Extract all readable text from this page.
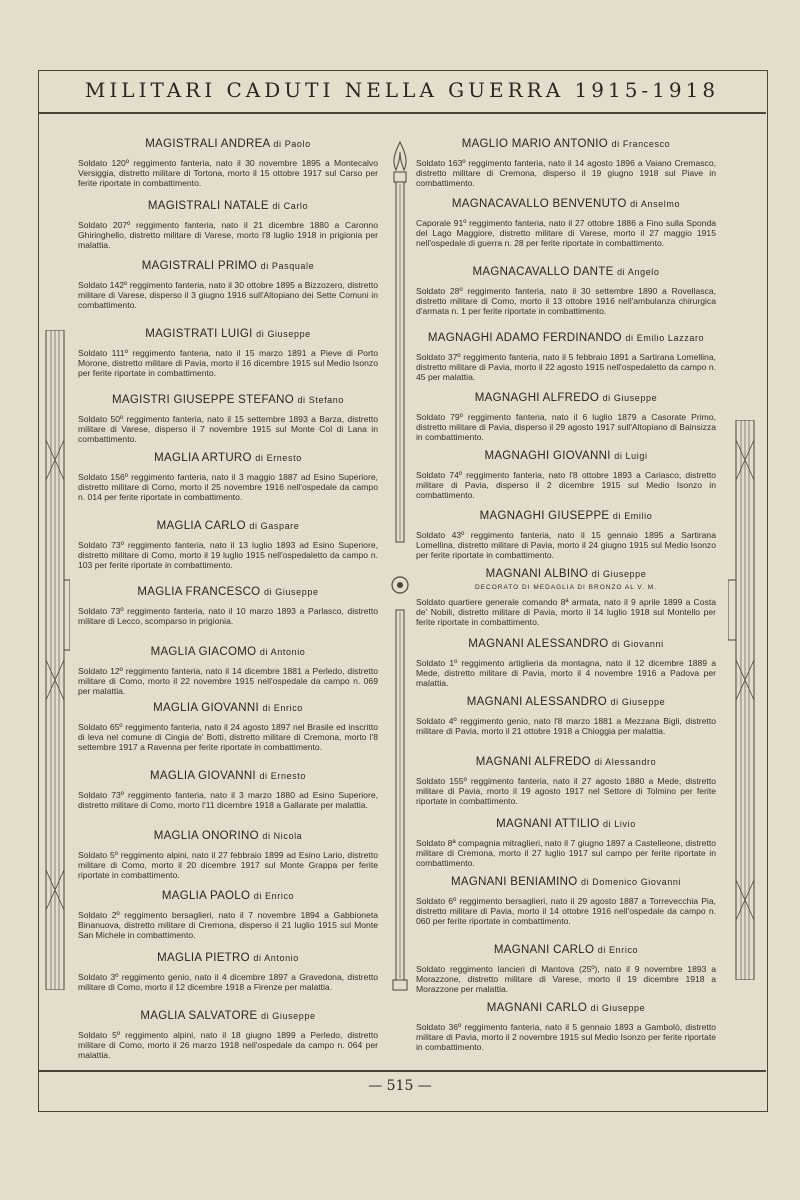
MILITARI CADUTI NELLA GUERRA 1915-1918

MAGISTRALI ANDREA di Paolo

Soldato 120º reggimento fanteria, nato il 30 novembre 1895 a Montecalvo Versiggia, distretto militare di Tortona, morto il 15 ottobre 1917 sul Carso per ferite riportate in combattimento.

MAGISTRALI NATALE di Carlo

Soldato 207º reggimento fanteria, nato il 21 dicembre 1880 a Caronno Ghiringhello, distretto militare di Varese, morto l'8 luglio 1918 in prigionia per malattia.

MAGISTRALI PRIMO di Pasquale

Soldato 142º reggimento fanteria, nato il 30 ottobre 1895 a Bizzozero, distretto militare di Varese, disperso il 3 giugno 1916 sull'Altopiano dei Sette Comuni in combattimento.

MAGISTRATI LUIGI di Giuseppe

Soldato 111º reggimento fanteria, nato il 15 marzo 1891 a Pieve di Porto Morone, distretto militare di Pavia, morto il 16 dicembre 1915 sul Medio Isonzo per ferite riportate in combattimento.

MAGISTRI GIUSEPPE STEFANO di Stefano

Soldato 50º reggimento fanteria, nato il 15 settembre 1893 a Barza, distretto militare di Varese, disperso il 7 novembre 1915 sul Monte Col di Lana in combattimento.

MAGLIA ARTURO di Ernesto

Soldato 156º reggimento fanteria, nato il 3 maggio 1887 ad Esino Superiore, distretto militare di Como, morto il 25 novembre 1916 nell'ospedale da campo n. 014 per ferite riportate in combattimento.

MAGLIA CARLO di Gaspare

Soldato 73º reggimento fanteria, nato il 13 luglio 1893 ad Esino Superiore, distretto militare di Como, morto il 19 luglio 1915 nell'ospedaletto da campo n. 103 per ferite riportate in combattimento.

MAGLIA FRANCESCO di Giuseppe

Soldato 73º reggimento fanteria, nato il 10 marzo 1893 a Parlasco, distretto militare di Lecco, scomparso in prigionia.

MAGLIA GIACOMO di Antonio

Soldato 12º reggimento fanteria, nato il 14 dicembre 1881 a Perledo, distretto militare di Como, morto il 22 novembre 1915 nell'ospedale da campo n. 069 per malattia.

MAGLIA GIOVANNI di Enrico

Soldato 65º reggimento fanteria, nato il 24 agosto 1897 nel Brasile ed inscritto di leva nel comune di Cingia de' Botti, distretto militare di Cremona, morto l'8 settembre 1917 a Ravenna per ferite riportate in combattimento.

MAGLIA GIOVANNI di Ernesto

Soldato 73º reggimento fanteria, nato il 3 marzo 1880 ad Esino Superiore, distretto militare di Como, morto l'11 dicembre 1918 a Gallarate per malattia.

MAGLIA ONORINO di Nicola

Soldato 5º reggimento alpini, nato il 27 febbraio 1899 ad Esino Lario, distretto militare di Como, morto il 20 dicembre 1917 sul Monte Grappa per ferite riportate in combattimento.

MAGLIA PAOLO di Enrico

Soldato 2º reggimento bersaglieri, nato il 7 novembre 1894 a Gabbioneta Binanuova, distretto militare di Cremona, disperso il 21 luglio 1915 sul Monte San Michele in combattimento.

MAGLIA PIETRO di Antonio

Soldato 3º reggimento genio, nato il 4 dicembre 1897 a Gravedona, distretto militare di Como, morto il 12 dicembre 1918 a Firenze per malattia.

MAGLIA SALVATORE di Giuseppe

Soldato 5º reggimento alpini, nato il 18 giugno 1899 a Perledo, distretto militare di Como, morto il 26 marzo 1918 nell'ospedale da campo n. 064 per malattia.

MAGLIO MARIO ANTONIO di Francesco

Soldato 163º reggimento fanteria, nato il 14 agosto 1896 a Vaiano Cremasco, distretto militare di Cremona, disperso il 19 giugno 1918 sul Piave in combattimento.

MAGNACAVALLO BENVENUTO di Anselmo

Caporale 91º reggimento fanteria, nato il 27 ottobre 1886 a Fino sulla Sponda del Lago Maggiore, distretto militare di Varese, morto il 27 maggio 1915 nell'ospedale di guerra n. 28 per ferite riportate in combattimento.

MAGNACAVALLO DANTE di Angelo

Soldato 28º reggimento fanteria, nato il 30 settembre 1890 a Rovellasca, distretto militare di Como, morto il 13 ottobre 1916 nell'ambulanza chirurgica d'armata n. 1 per ferite riportate in combattimento.

MAGNAGHI ADAMO FERDINANDO di Emilio Lazzaro

Soldato 37º reggimento fanteria, nato il 5 febbraio 1891 a Sartirana Lomellina, distretto militare di Pavia, morto il 22 agosto 1915 nell'ospedaletto da campo n. 45 per malattia.

MAGNAGHI ALFREDO di Giuseppe

Soldato 79º reggimento fanteria, nato il 6 luglio 1879 a Casorate Primo, distretto militare di Pavia, disperso il 29 agosto 1917 sull'Altopiano di Bainsizza in combattimento.

MAGNAGHI GIOVANNI di Luigi

Soldato 74º reggimento fanteria, nato l'8 ottobre 1893 a Cariasco, distretto militare di Pavia, disperso il 2 dicembre 1915 sul Medio Isonzo in combattimento.

MAGNAGHI GIUSEPPE di Emilio

Soldato 43º reggimento fanteria, nato il 15 gennaio 1895 a Sartirana Lomellina, distretto militare di Pavia, morto il 24 giugno 1915 sul Medio Isonzo per ferite riportate in combattimento.

MAGNANI ALBINO di Giuseppe

DECORATO DI MEDAGLIA DI BRONZO AL V. M.

Soldato quartiere generale comando 8ª armata, nato il 9 aprile 1899 a Costa de' Nobili, distretto militare di Pavia, morto il 14 luglio 1918 sul Montello per ferite riportate in combattimento.

MAGNANI ALESSANDRO di Giovanni

Soldato 1º reggimento artiglieria da montagna, nato il 12 dicembre 1889 a Mede, distretto militare di Pavia, morto il 4 novembre 1916 a Padova per malattia.

MAGNANI ALESSANDRO di Giuseppe

Soldato 4º reggimento genio, nato l'8 marzo 1881 a Mezzana Bigli, distretto militare di Pavia, morto il 21 ottobre 1918 a Chioggia per malattia.

MAGNANI ALFREDO di Alessandro

Soldato 155º reggimento fanteria, nato il 27 agosto 1880 a Mede, distretto militare di Pavia, morto il 19 agosto 1917 nel Settore di Tolmino per ferite riportate in combattimento.

MAGNANI ATTILIO di Livio

Soldato 8ª compagnia mitraglieri, nato il 7 giugno 1897 a Castelleone, distretto militare di Cremona, morto il 27 luglio 1917 sul campo per ferite riportate in combattimento.

MAGNANI BENIAMINO di Domenico Giovanni

Soldato 6º reggimento bersaglieri, nato il 29 agosto 1887 a Torrevecchia Pia, distretto militare di Pavia, morto il 14 ottobre 1916 nell'ospedale da campo n. 060 per ferite riportate in combattimento.

MAGNANI CARLO di Enrico

Soldato reggimento lancieri di Mantova (25º), nato il 9 novembre 1893 a Morazzone, distretto militare di Varese, morto il 19 dicembre 1918 a Morazzone per malattia.

MAGNANI CARLO di Giuseppe

Soldato 36º reggimento fanteria, nato il 5 gennaio 1893 a Gambolò, distretto militare di Pavia, morto il 2 novembre 1915 sul Medio Isonzo per ferite riportate in combattimento.

— 515 —
